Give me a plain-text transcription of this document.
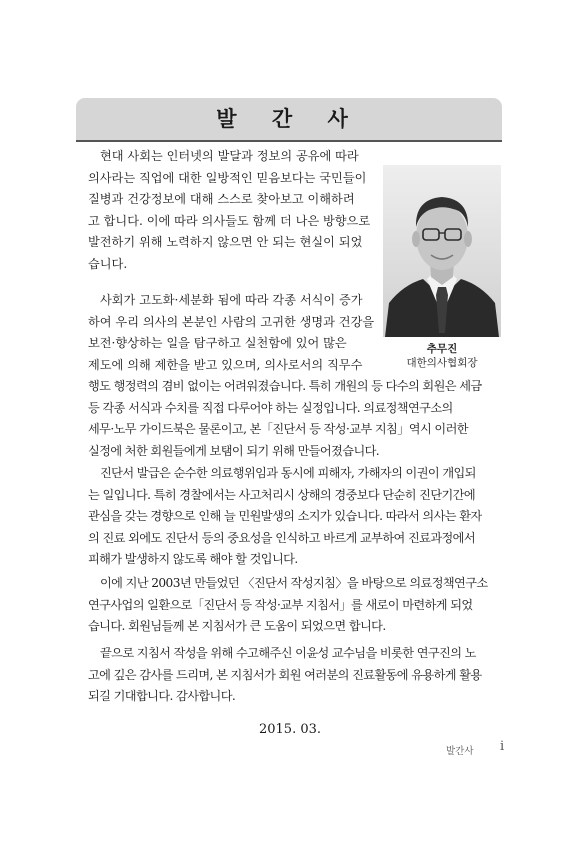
발 간 사
추무진
대한의사협회장
현대 사회는 인터넷의 발달과 정보의 공유에 따라
의사라는 직업에 대한 일방적인 믿음보다는 국민들이
질병과 건강정보에 대해 스스로 찾아보고 이해하려
고 합니다. 이에 따라 의사들도 함께 더 나은 방향으로
발전하기 위해 노력하지 않으면 안 되는 현실이 되었
습니다.
사회가 고도화·세분화 됨에 따라 각종 서식이 증가
하여 우리 의사의 본분인 사람의 고귀한 생명과 건강을
보전·향상하는 일을 탐구하고 실천함에 있어 많은
제도에 의해 제한을 받고 있으며, 의사로서의 직무수
행도 행정력의 겸비 없이는 어려워졌습니다. 특히 개원의 등 다수의 회원은 세금
등 각종 서식과 수치를 직접 다루어야 하는 실정입니다. 의료정책연구소의
세무·노무 가이드북은 물론이고, 본「진단서 등 작성·교부 지침」역시 이러한
실정에 처한 회원들에게 보탬이 되기 위해 만들어졌습니다.
진단서 발급은 순수한 의료행위임과 동시에 피해자, 가해자의 이권이 개입되
는 일입니다. 특히 경찰에서는 사고처리시 상해의 경중보다 단순히 진단기간에
관심을 갖는 경향으로 인해 늘 민원발생의 소지가 있습니다. 따라서 의사는 환자
의 진료 외에도 진단서 등의 중요성을 인식하고 바르게 교부하여 진료과정에서
피해가 발생하지 않도록 해야 할 것입니다.
이에 지난 2003년 만들었던 〈진단서 작성지침〉을 바탕으로 의료정책연구소
연구사업의 일환으로「진단서 등 작성·교부 지침서」를 새로이 마련하게 되었
습니다. 회원님들께 본 지침서가 큰 도움이 되었으면 합니다.
끝으로 지침서 작성을 위해 수고해주신 이윤성 교수님을 비롯한 연구진의 노
고에 깊은 감사를 드리며, 본 지침서가 회원 여러분의 진료활동에 유용하게 활용
되길 기대합니다. 감사합니다.
2015. 03.
발간사 i
